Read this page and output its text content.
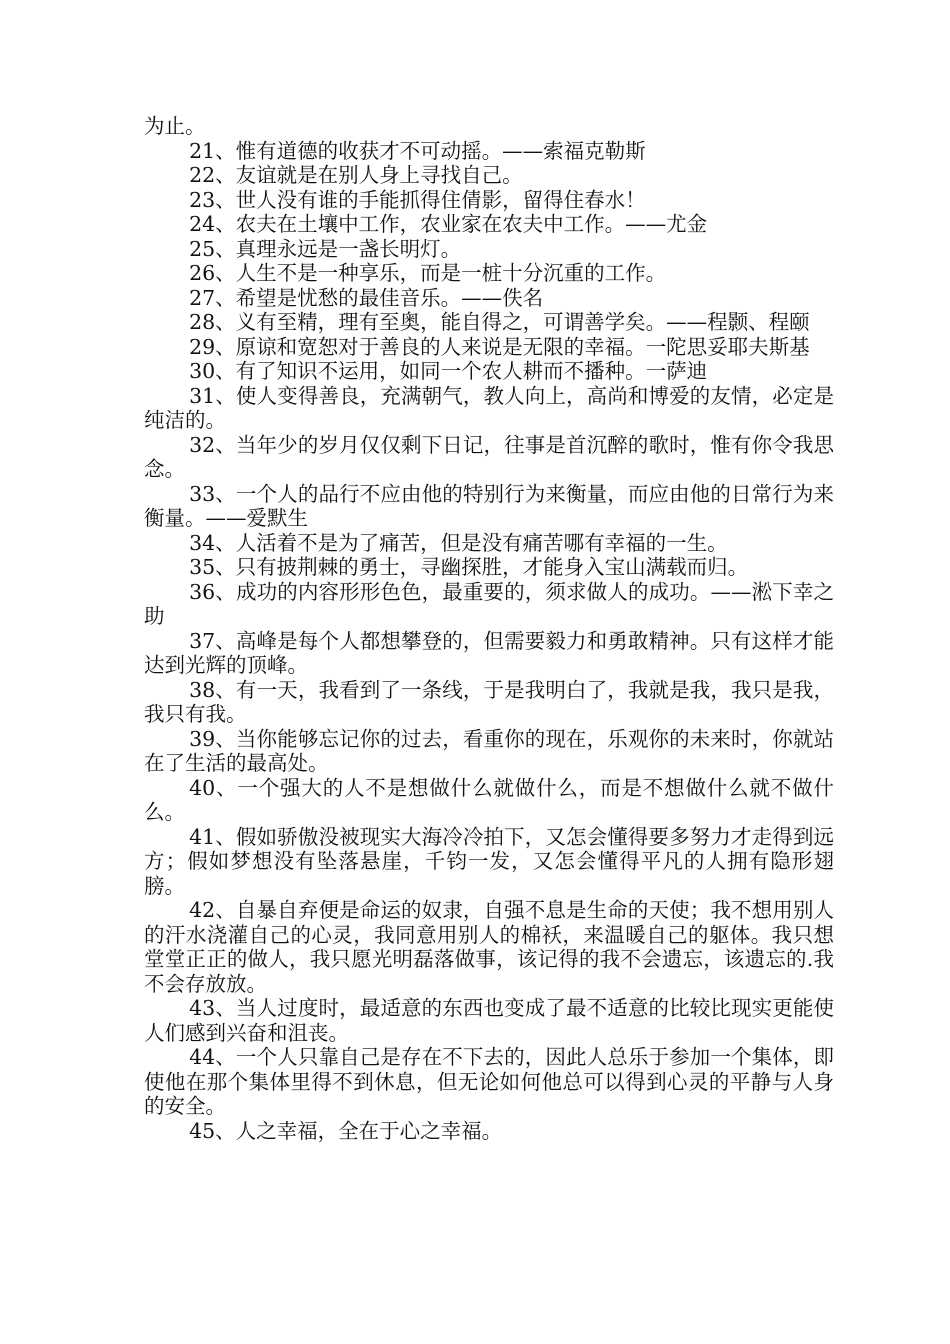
为止。

21、惟有道德的收获才不可动摇。——索福克勒斯

22、友谊就是在别人身上寻找自己。

23、世人没有谁的手能抓得住倩影，留得住春水！

24、农夫在土壤中工作，农业家在农夫中工作。——尤金

25、真理永远是一盏长明灯。

26、人生不是一种享乐，而是一桩十分沉重的工作。

27、希望是忧愁的最佳音乐。——佚名

28、义有至精，理有至奥，能自得之，可谓善学矣。——程颢、程颐

29、原谅和宽恕对于善良的人来说是无限的幸福。一陀思妥耶夫斯基

30、有了知识不运用，如同一个农人耕而不播种。一萨迪

31、使人变得善良，充满朝气，教人向上，高尚和博爱的友情，必定是纯洁的。

32、当年少的岁月仅仅剩下日记，往事是首沉醉的歌时，惟有你令我思念。

33、一个人的品行不应由他的特别行为来衡量，而应由他的日常行为来衡量。——爱默生

34、人活着不是为了痛苦，但是没有痛苦哪有幸福的一生。

35、只有披荆棘的勇士，寻幽探胜，才能身入宝山满载而归。

36、成功的内容形形色色，最重要的，须求做人的成功。——淞下幸之助

37、高峰是每个人都想攀登的，但需要毅力和勇敢精神。只有这样才能达到光辉的顶峰。

38、有一天，我看到了一条线，于是我明白了，我就是我，我只是我，我只有我。

39、当你能够忘记你的过去，看重你的现在，乐观你的未来时，你就站在了生活的最高处。

40、一个强大的人不是想做什么就做什么，而是不想做什么就不做什么。

41、假如骄傲没被现实大海冷冷拍下，又怎会懂得要多努力才走得到远方；假如梦想没有坠落悬崖，千钧一发，又怎会懂得平凡的人拥有隐形翅膀。

42、自暴自弃便是命运的奴隶，自强不息是生命的天使；我不想用别人的汗水浇灌自己的心灵，我同意用别人的棉袄，来温暖自己的躯体。我只想堂堂正正的做人，我只愿光明磊落做事，该记得的我不会遗忘，该遗忘的.我不会存放放。

43、当人过度时，最适意的东西也变成了最不适意的比较比现实更能使人们感到兴奋和沮丧。

44、一个人只靠自己是存在不下去的，因此人总乐于参加一个集体，即使他在那个集体里得不到休息，但无论如何他总可以得到心灵的平静与人身的安全。

45、人之幸福，全在于心之幸福。
